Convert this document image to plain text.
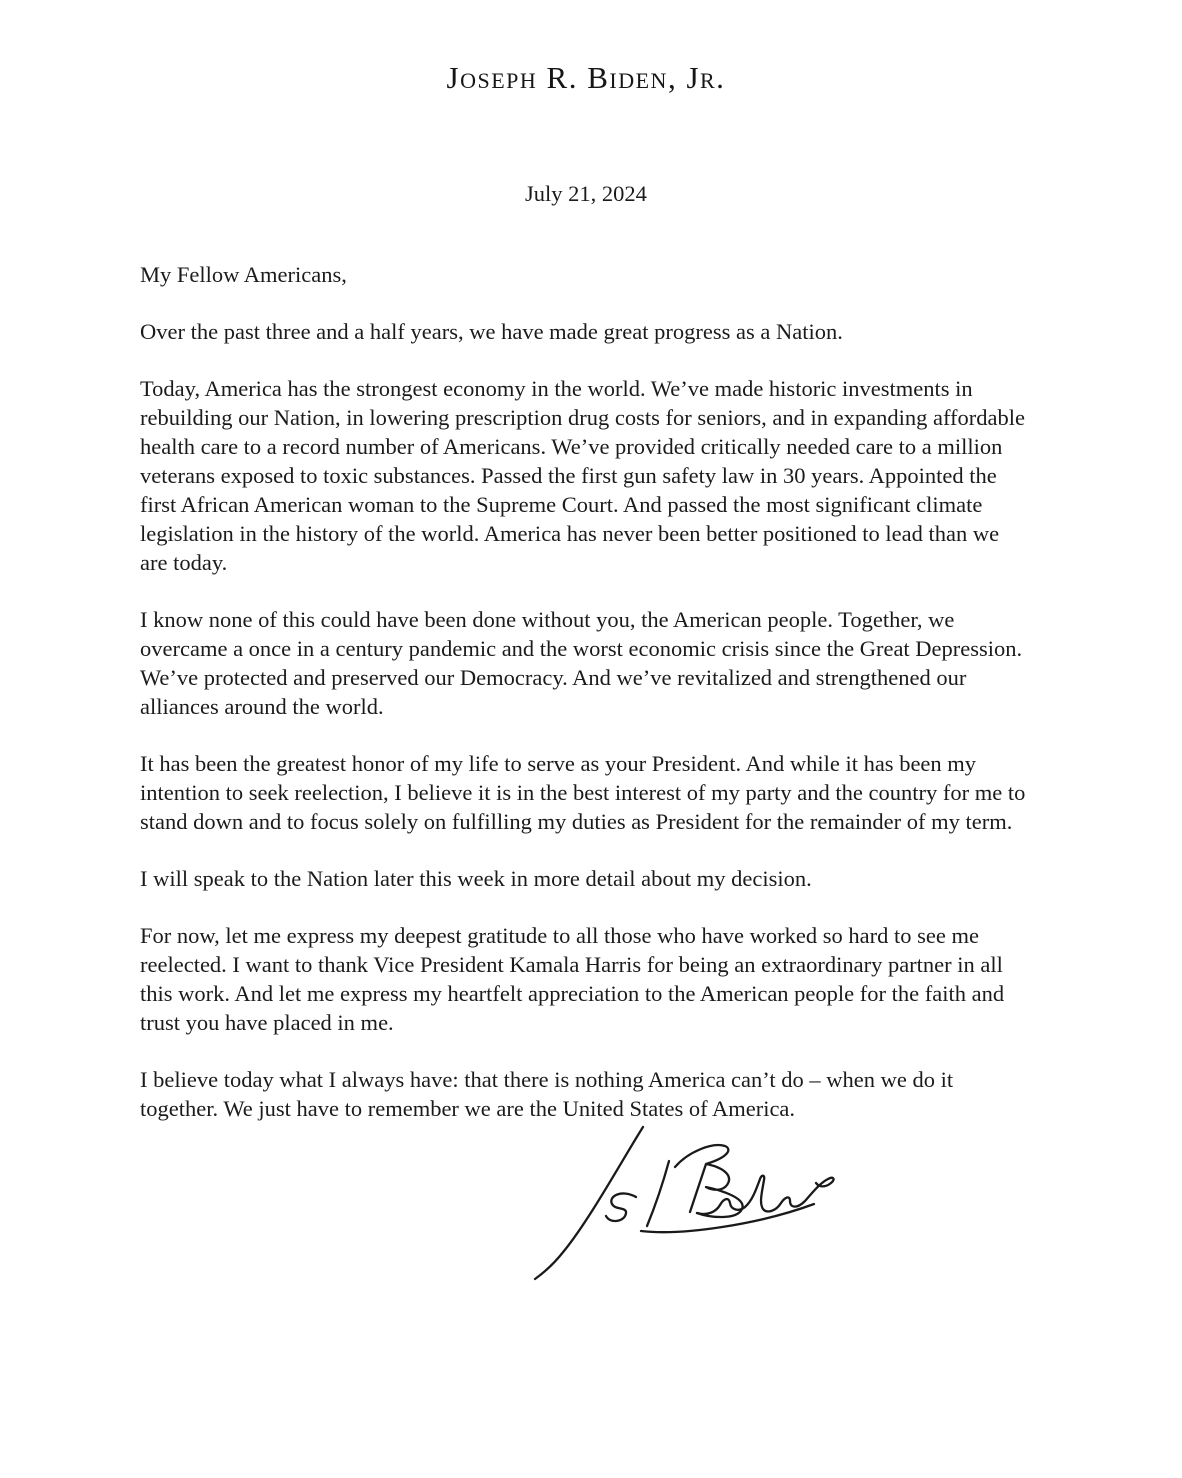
Joseph R. Biden, Jr.
July 21, 2024
My Fellow Americans,

Over the past three and a half years, we have made great progress as a Nation.

Today, America has the strongest economy in the world. We’ve made historic investments in rebuilding our Nation, in lowering prescription drug costs for seniors, and in expanding affordable health care to a record number of Americans. We’ve provided critically needed care to a million veterans exposed to toxic substances. Passed the first gun safety law in 30 years. Appointed the first African American woman to the Supreme Court. And passed the most significant climate legislation in the history of the world. America has never been better positioned to lead than we are today.

I know none of this could have been done without you, the American people. Together, we overcame a once in a century pandemic and the worst economic crisis since the Great Depression. We’ve protected and preserved our Democracy. And we’ve revitalized and strengthened our alliances around the world.

It has been the greatest honor of my life to serve as your President. And while it has been my intention to seek reelection, I believe it is in the best interest of my party and the country for me to stand down and to focus solely on fulfilling my duties as President for the remainder of my term.

I will speak to the Nation later this week in more detail about my decision.

For now, let me express my deepest gratitude to all those who have worked so hard to see me reelected. I want to thank Vice President Kamala Harris for being an extraordinary partner in all this work. And let me express my heartfelt appreciation to the American people for the faith and trust you have placed in me.

I believe today what I always have: that there is nothing America can’t do – when we do it together. We just have to remember we are the United States of America.
